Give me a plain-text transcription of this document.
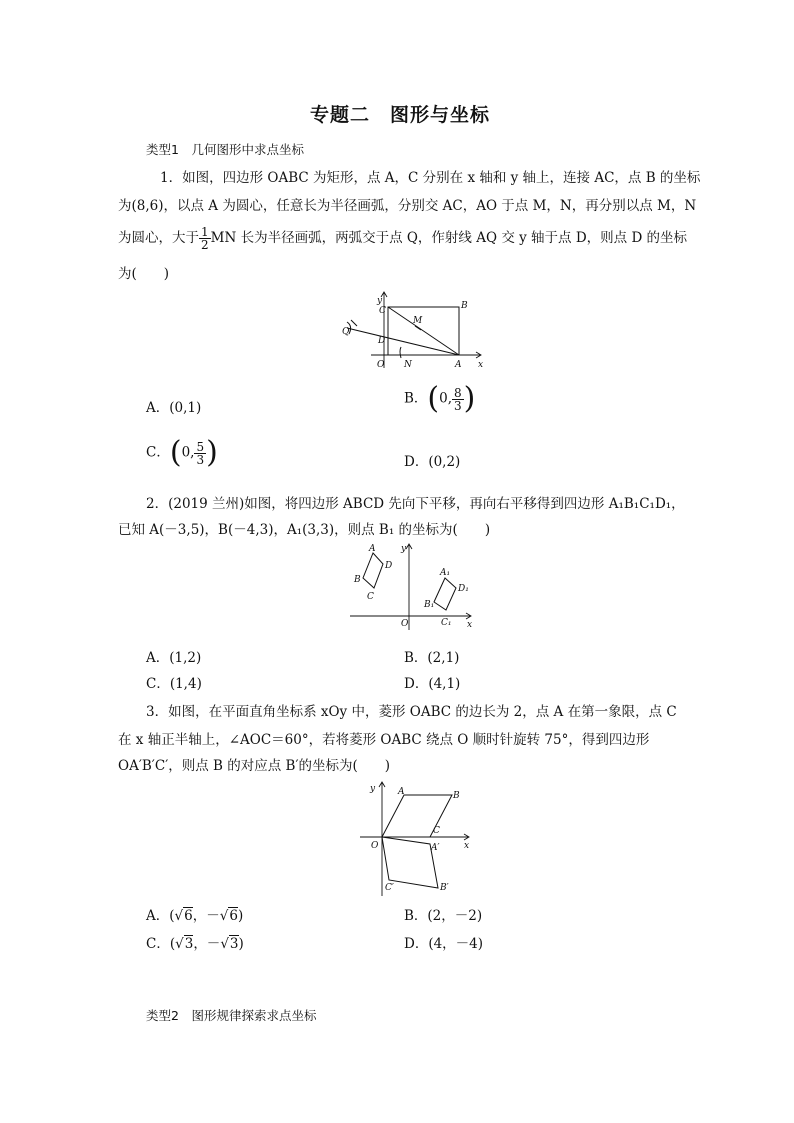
专题二　图形与坐标
类型1　几何图形中求点坐标
1．如图，四边形 OABC 为矩形，点 A，C 分别在 x 轴和 y 轴上，连接 AC，点 B 的坐标
为(8,6)，以点 A 为圆心，任意长为半径画弧，分别交 AC，AO 于点 M，N，再分别以点 M，N
为圆心，大于 $\frac{1}{2}$ MN 长为半径画弧，两弧交于点 Q，作射线 AQ 交 y 轴于点 D，则点 D 的坐标
为(　　)
y
x
C	B
Q
M
D
O N	A
A．(0,1)
B．(0, $\frac{8}{3}$ )
C．(0, $\frac{5}{3}$ )	D．(0,2)
2．(2019 兰州)如图，将四边形 ABCD 先向下平移，再向右平移得到四边形 A₁B₁C₁D₁，
已知 A(－3,5)，B(－4,3)，A₁(3,3)，则点 B₁ 的坐标为(　　)
A
D
B
C
y
x
O
A₁
D₁
B₁
C₁
A．(1,2)	B．(2,1)
C．(1,4)	D．(4,1)
3．如图，在平面直角坐标系 xOy 中，菱形 OABC 的边长为 2，点 A 在第一象限，点 C
在 x 轴正半轴上，∠AOC＝60°，若将菱形 OABC 绕点 O 顺时针旋转 75°，得到四边形
OA′B′C′，则点 B 的对应点 B′的坐标为(　　)
y
x
O
A	B
C
A′
B′
C′
A．(√6，－√6)	B．(2，－2)
C．(√3，－√3)	D．(4，－4)
类型2　图形规律探索求点坐标
